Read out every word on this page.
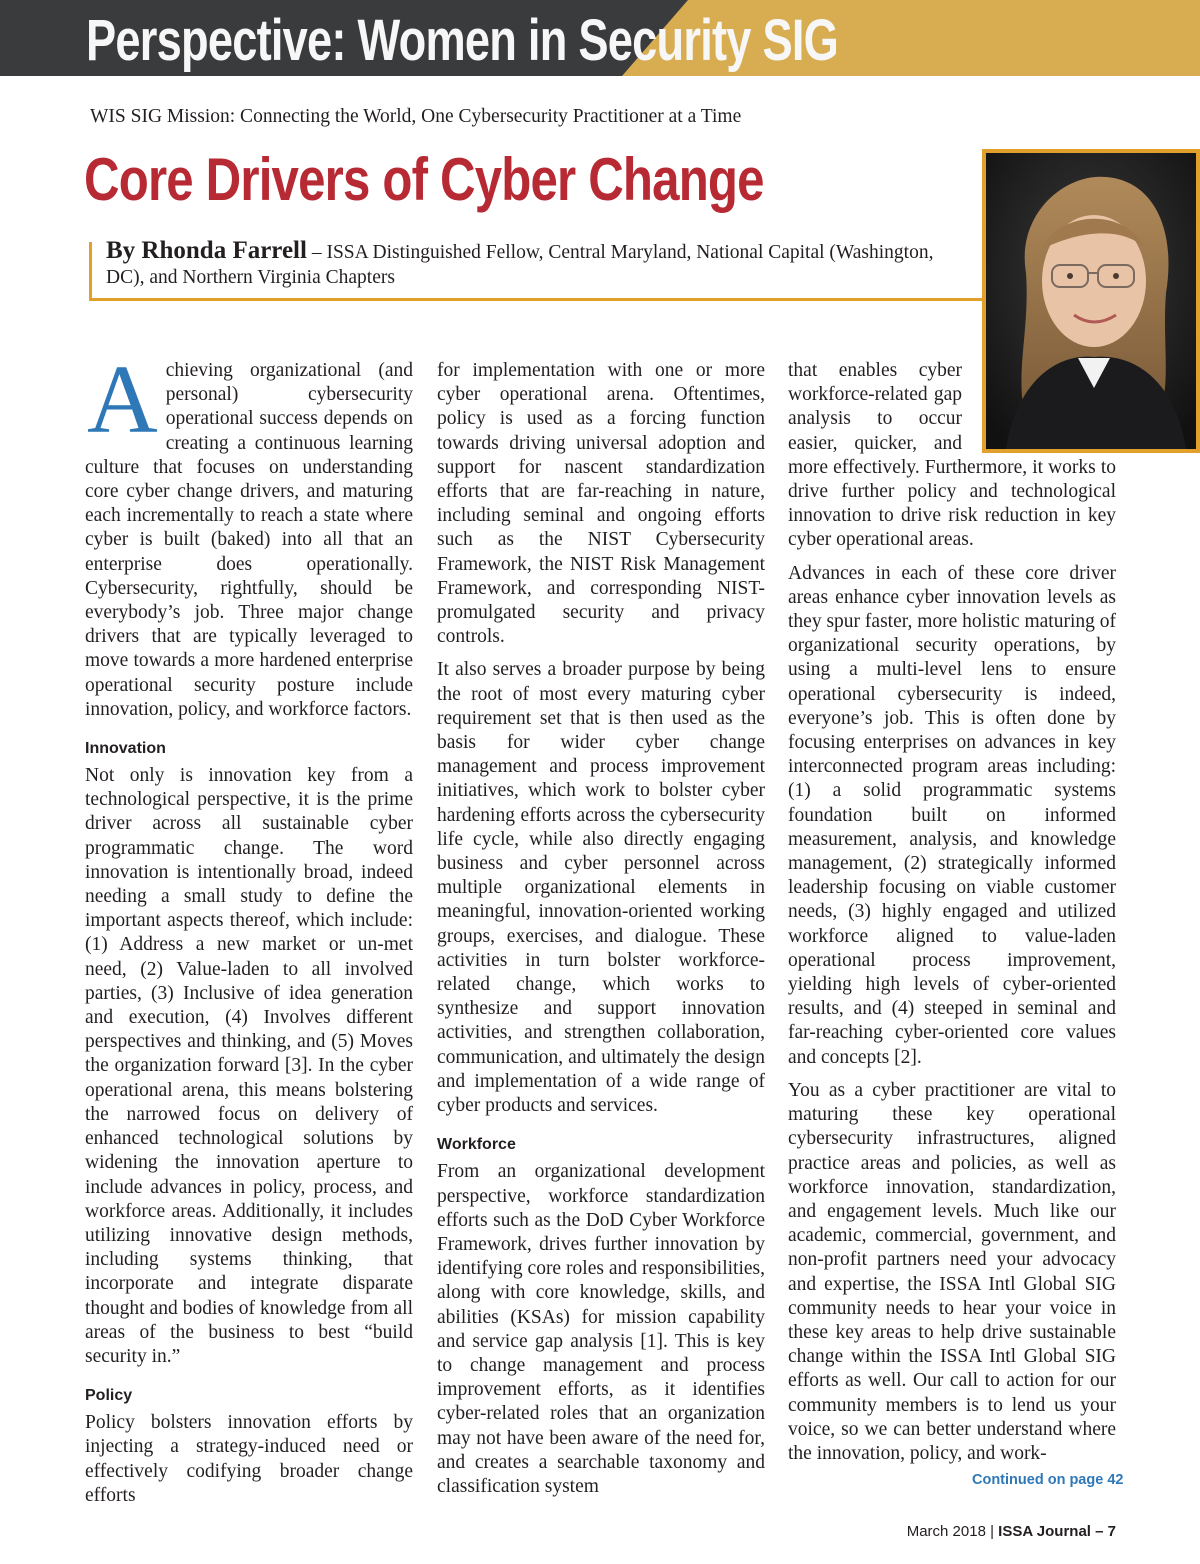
Perspective: Women in Security SIG
WIS SIG Mission: Connecting the World, One Cybersecurity Practitioner at a Time
Core Drivers of Cyber Change
By Rhonda Farrell – ISSA Distinguished Fellow, Central Maryland, National Capital (Washington, DC), and Northern Virginia Chapters

Achieving organizational (and personal) cybersecurity operational success depends on creating a continuous learning culture that focuses on understanding core cyber change drivers, and maturing each incrementally to reach a state where cyber is built (baked) into all that an enterprise does operationally. Cybersecurity, rightfully, should be everybody’s job. Three major change drivers that are typically leveraged to move towards a more hardened enterprise operational security posture include innovation, policy, and workforce factors.

Innovation

Not only is innovation key from a technological perspective, it is the prime driver across all sustainable cyber programmatic change. The word innovation is intentionally broad, indeed needing a small study to define the important aspects thereof, which include: (1) Address a new market or un-met need, (2) Value-laden to all involved parties, (3) Inclusive of idea generation and execution, (4) Involves different perspectives and thinking, and (5) Moves the organization forward [3]. In the cyber operational arena, this means bolstering the narrowed focus on delivery of enhanced technological solutions by widening the innovation aperture to include advances in policy, process, and workforce areas. Additionally, it includes utilizing innovative design methods, including systems thinking, that incorporate and integrate disparate thought and bodies of knowledge from all areas of the business to best “build security in.”

Policy

Policy bolsters innovation efforts by injecting a strategy-induced need or effectively codifying broader change efforts

for implementation with one or more cyber operational arena. Oftentimes, policy is used as a forcing function towards driving universal adoption and support for nascent standardization efforts that are far-reaching in nature, including seminal and ongoing efforts such as the NIST Cybersecurity Framework, the NIST Risk Management Framework, and corresponding NIST-promulgated security and privacy controls.

It also serves a broader purpose by being the root of most every maturing cyber requirement set that is then used as the basis for wider cyber change management and process improvement initiatives, which work to bolster cyber hardening efforts across the cybersecurity life cycle, while also directly engaging business and cyber personnel across multiple organizational elements in meaningful, innovation-oriented working groups, exercises, and dialogue. These activities in turn bolster workforce-related change, which works to synthesize and support innovation activities, and strengthen collaboration, communication, and ultimately the design and implementation of a wide range of cyber products and services.

Workforce

From an organizational development perspective, workforce standardization efforts such as the DoD Cyber Workforce Framework, drives further innovation by identifying core roles and responsibilities, along with core knowledge, skills, and abilities (KSAs) for mission capability and service gap analysis [1]. This is key to change management and process improvement efforts, as it identifies cyber-related roles that an organization may not have been aware of the need for, and creates a searchable taxonomy and classification system

that enables cyber workforce-related gap analysis to occur easier, quicker, and more effectively. Furthermore, it works to drive further policy and technological innovation to drive risk reduction in key cyber operational areas.

Advances in each of these core driver areas enhance cyber innovation levels as they spur faster, more holistic maturing of organizational security operations, by using a multi-level lens to ensure operational cybersecurity is indeed, everyone’s job. This is often done by focusing enterprises on advances in key interconnected program areas including: (1) a solid programmatic systems foundation built on informed measurement, analysis, and knowledge management, (2) strategically informed leadership focusing on viable customer needs, (3) highly engaged and utilized workforce aligned to value-laden operational process improvement, yielding high levels of cyber-oriented results, and (4) steeped in seminal and far-reaching cyber-oriented core values and concepts [2].

You as a cyber practitioner are vital to maturing these key operational cybersecurity infrastructures, aligned practice areas and policies, as well as workforce innovation, standardization, and engagement levels. Much like our academic, commercial, government, and non-profit partners need your advocacy and expertise, the ISSA Intl Global SIG community needs to hear your voice in these key areas to help drive sustainable change within the ISSA Intl Global SIG efforts as well. Our call to action for our community members is to lend us your voice, so we can better understand where the innovation, policy, and work-

Continued on page 42
March 2018 | ISSA Journal – 7
